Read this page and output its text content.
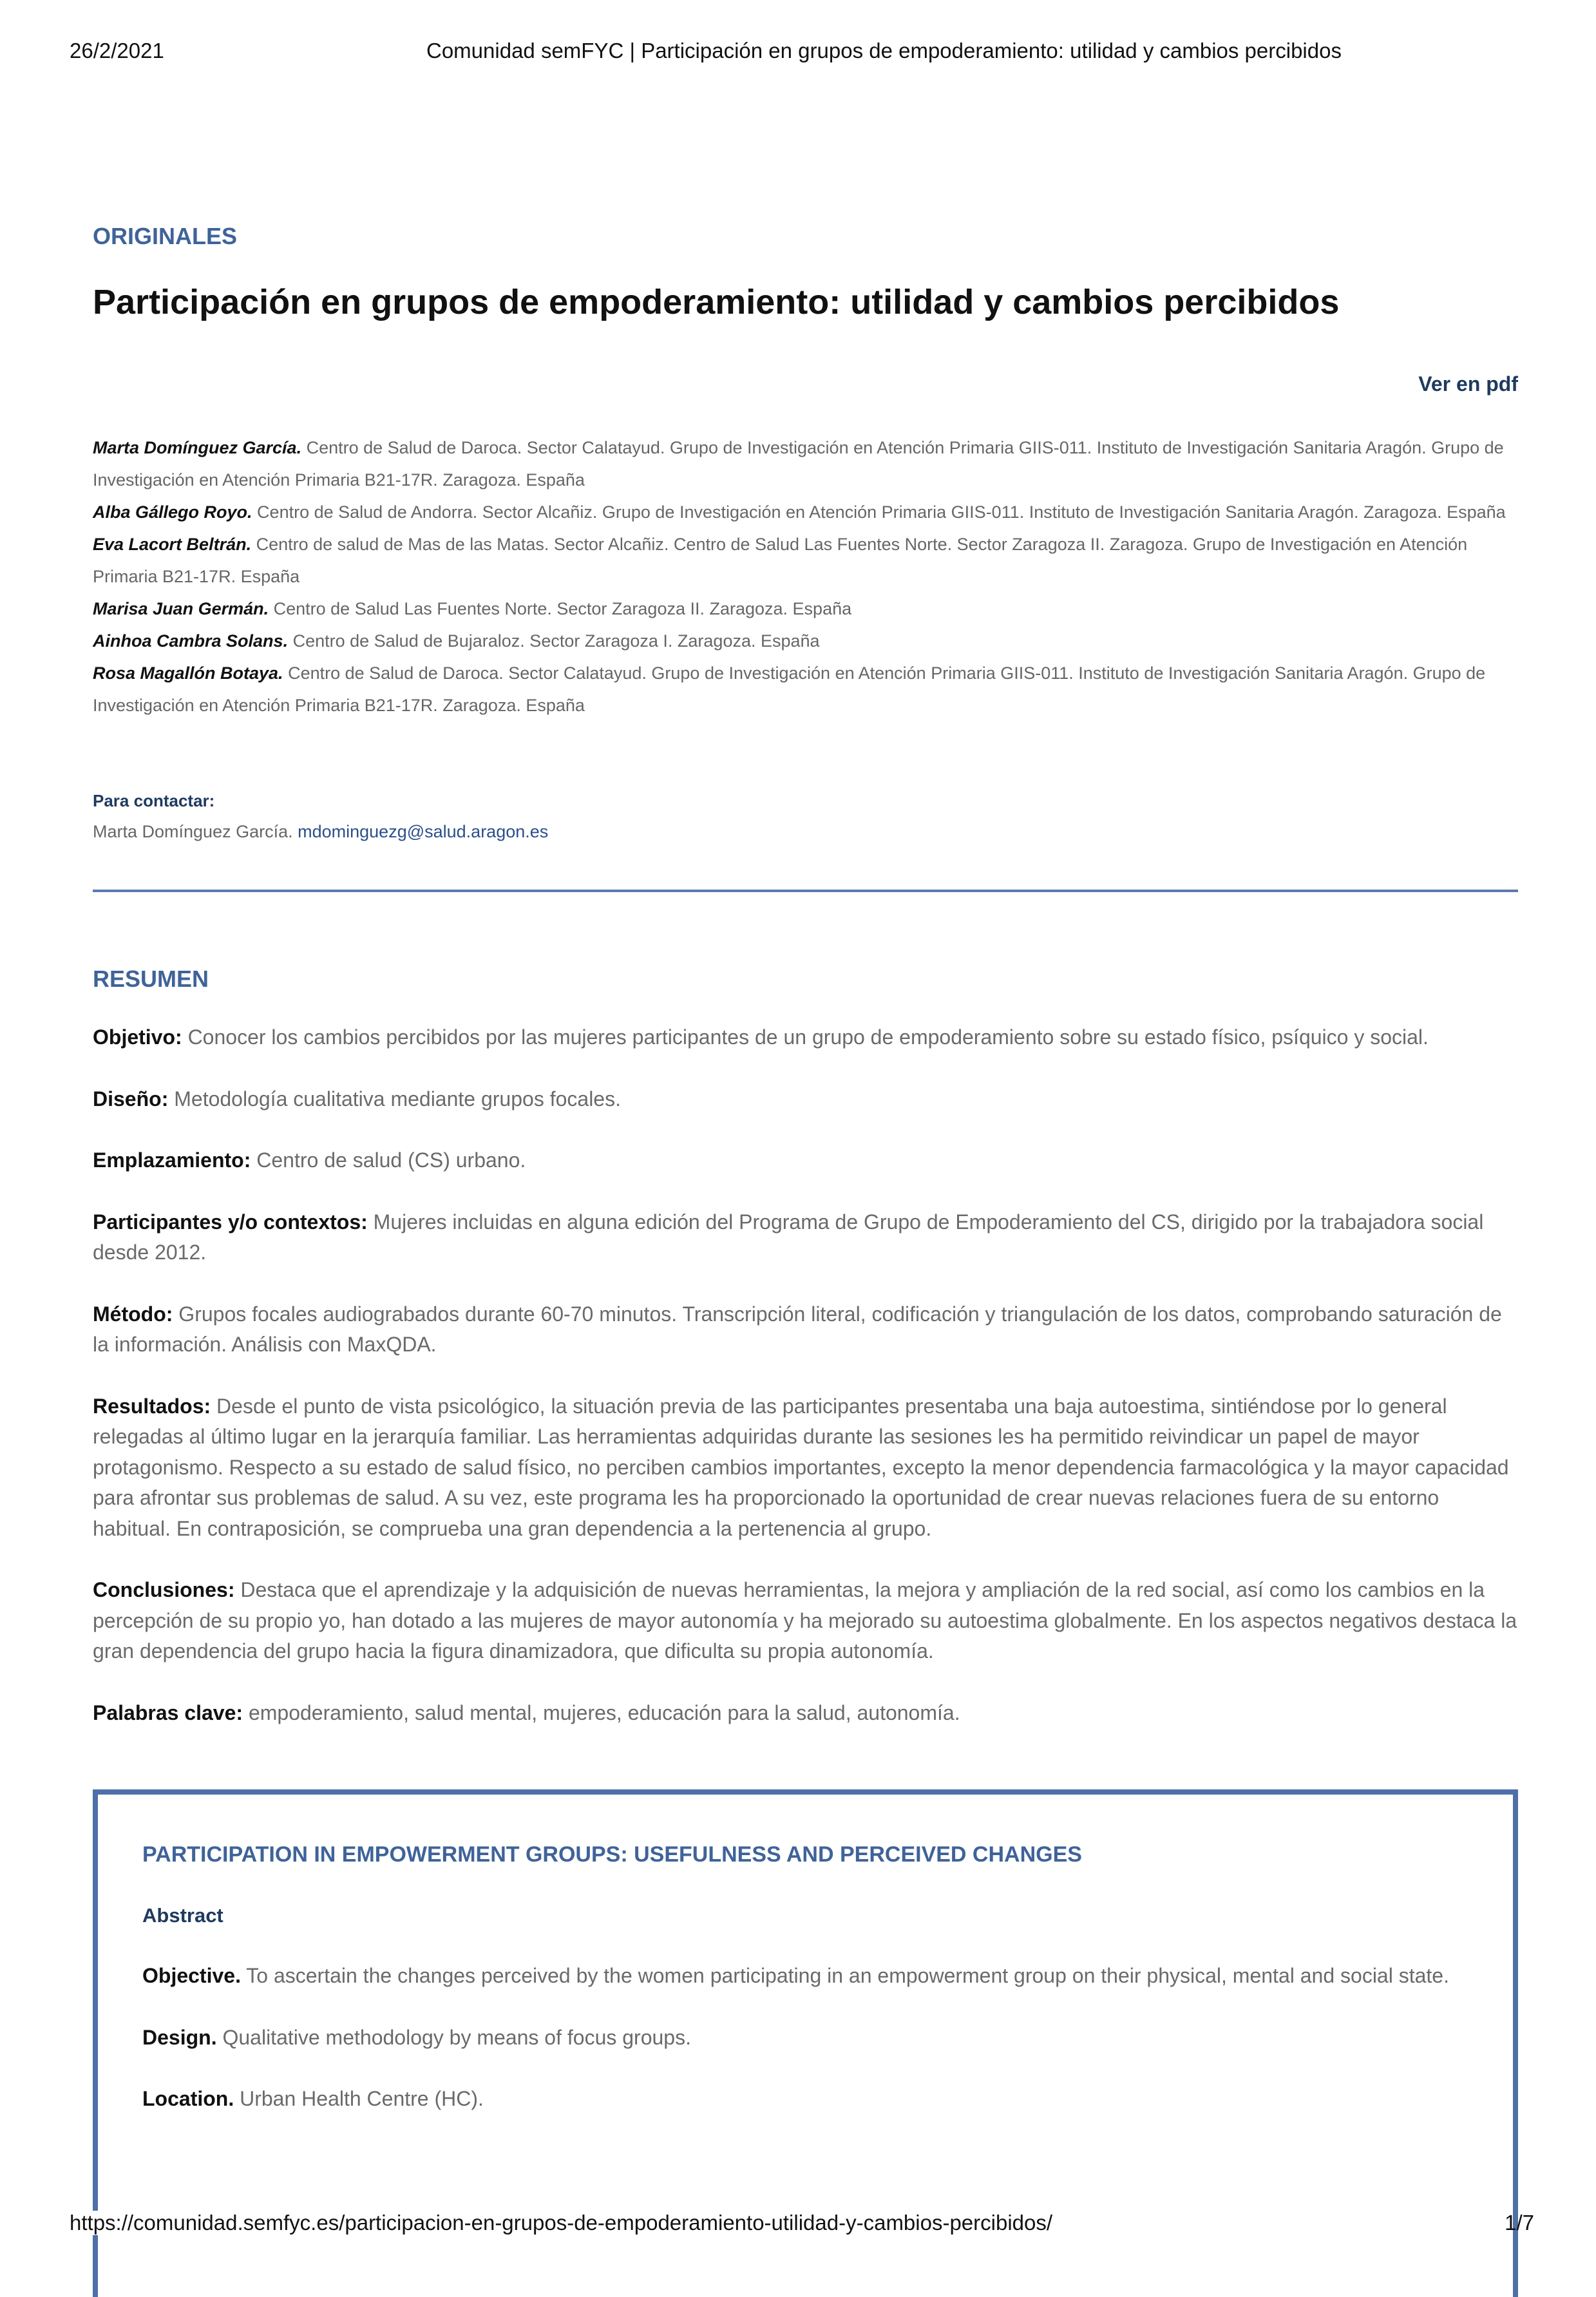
26/2/2021	Comunidad semFYC | Participación en grupos de empoderamiento: utilidad y cambios percibidos
ORIGINALES
Participación en grupos de empoderamiento: utilidad y cambios percibidos
Ver en pdf
Marta Domínguez García. Centro de Salud de Daroca. Sector Calatayud. Grupo de Investigación en Atención Primaria GIIS-011. Instituto de Investigación Sanitaria Aragón. Grupo de Investigación en Atención Primaria B21-17R. Zaragoza. España
Alba Gállego Royo. Centro de Salud de Andorra. Sector Alcañiz. Grupo de Investigación en Atención Primaria GIIS-011. Instituto de Investigación Sanitaria Aragón. Zaragoza. España
Eva Lacort Beltrán. Centro de salud de Mas de las Matas. Sector Alcañiz. Centro de Salud Las Fuentes Norte. Sector Zaragoza II. Zaragoza. Grupo de Investigación en Atención Primaria B21-17R. España
Marisa Juan Germán. Centro de Salud Las Fuentes Norte. Sector Zaragoza II. Zaragoza. España
Ainhoa Cambra Solans. Centro de Salud de Bujaraloz. Sector Zaragoza I. Zaragoza. España
Rosa Magallón Botaya. Centro de Salud de Daroca. Sector Calatayud. Grupo de Investigación en Atención Primaria GIIS-011. Instituto de Investigación Sanitaria Aragón. Grupo de Investigación en Atención Primaria B21-17R. Zaragoza. España
Para contactar:
Marta Domínguez García. mdominguezg@salud.aragon.es
RESUMEN

Objetivo: Conocer los cambios percibidos por las mujeres participantes de un grupo de empoderamiento sobre su estado físico, psíquico y social.

Diseño: Metodología cualitativa mediante grupos focales.

Emplazamiento: Centro de salud (CS) urbano.

Participantes y/o contextos: Mujeres incluidas en alguna edición del Programa de Grupo de Empoderamiento del CS, dirigido por la trabajadora social desde 2012.

Método: Grupos focales audiograbados durante 60-70 minutos. Transcripción literal, codificación y triangulación de los datos, comprobando saturación de la información. Análisis con MaxQDA.

Resultados: Desde el punto de vista psicológico, la situación previa de las participantes presentaba una baja autoestima, sintiéndose por lo general relegadas al último lugar en la jerarquía familiar. Las herramientas adquiridas durante las sesiones les ha permitido reivindicar un papel de mayor protagonismo. Respecto a su estado de salud físico, no perciben cambios importantes, excepto la menor dependencia farmacológica y la mayor capacidad para afrontar sus problemas de salud. A su vez, este programa les ha proporcionado la oportunidad de crear nuevas relaciones fuera de su entorno habitual. En contraposición, se comprueba una gran dependencia a la pertenencia al grupo.

Conclusiones: Destaca que el aprendizaje y la adquisición de nuevas herramientas, la mejora y ampliación de la red social, así como los cambios en la percepción de su propio yo, han dotado a las mujeres de mayor autonomía y ha mejorado su autoestima globalmente. En los aspectos negativos destaca la gran dependencia del grupo hacia la figura dinamizadora, que dificulta su propia autonomía.

Palabras clave: empoderamiento, salud mental, mujeres, educación para la salud, autonomía.

PARTICIPATION IN EMPOWERMENT GROUPS: USEFULNESS AND PERCEIVED CHANGES
Abstract

Objective. To ascertain the changes perceived by the women participating in an empowerment group on their physical, mental and social state.

Design. Qualitative methodology by means of focus groups.

Location. Urban Health Centre (HC).

https://comunidad.semfyc.es/participacion-en-grupos-de-empoderamiento-utilidad-y-cambios-percibidos/	1/7
